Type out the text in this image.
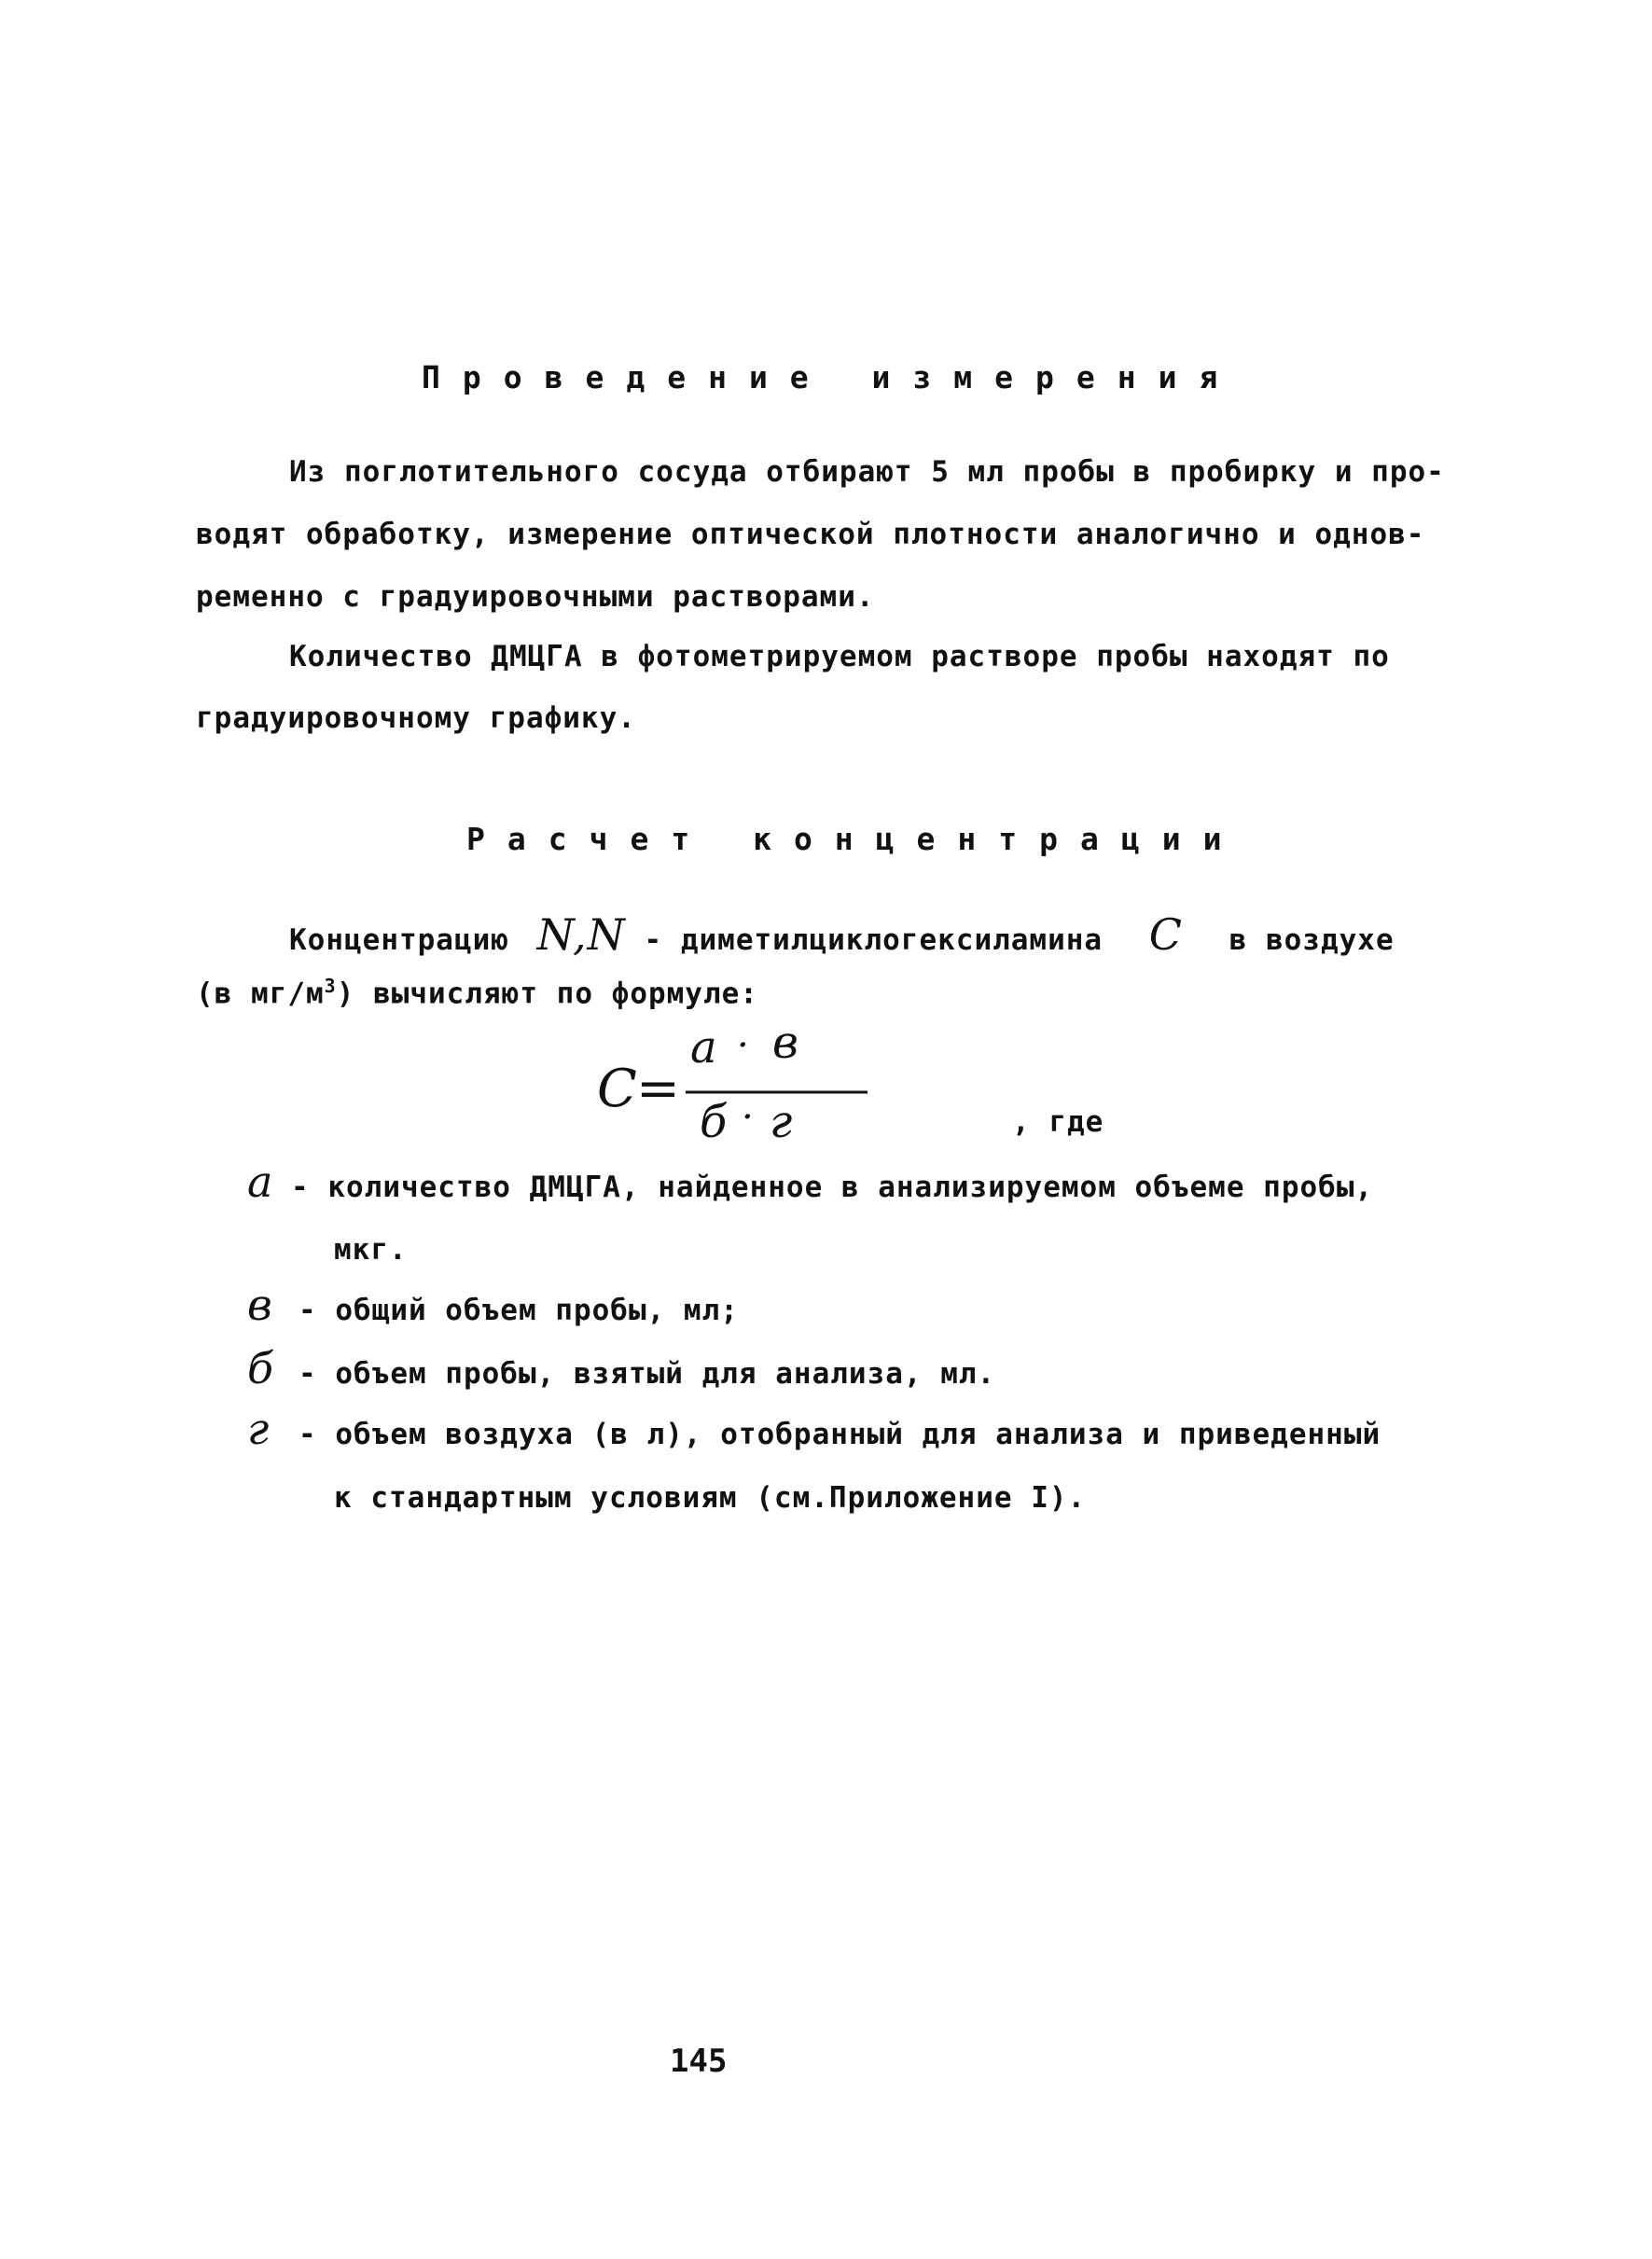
Проведение измерения
Из поглотительного сосуда отбирают 5 мл пробы в пробирку и про-
водят обработку, измерение оптической плотности аналогично и однов-
ременно с градуировочными растворами.
Количество ДМЦГА в фотометрируемом растворе пробы находят по
градуировочному графику.
Расчет концентрации
Концентрацию N,N - диметилциклогексиламина C в воздухе
(в $мг/м^3$) вычисляют по формуле:
C =
a · в
б · г	, где
a - количество ДМЦГА, найденное в анализируемом объеме пробы,
мкг.
в - общий объем пробы, мл;
б - объем пробы, взятый для анализа, мл.
г - объем воздуха (в л), отобранный для анализа и приведенный
к стандартным условиям (см.Приложение I).
145
